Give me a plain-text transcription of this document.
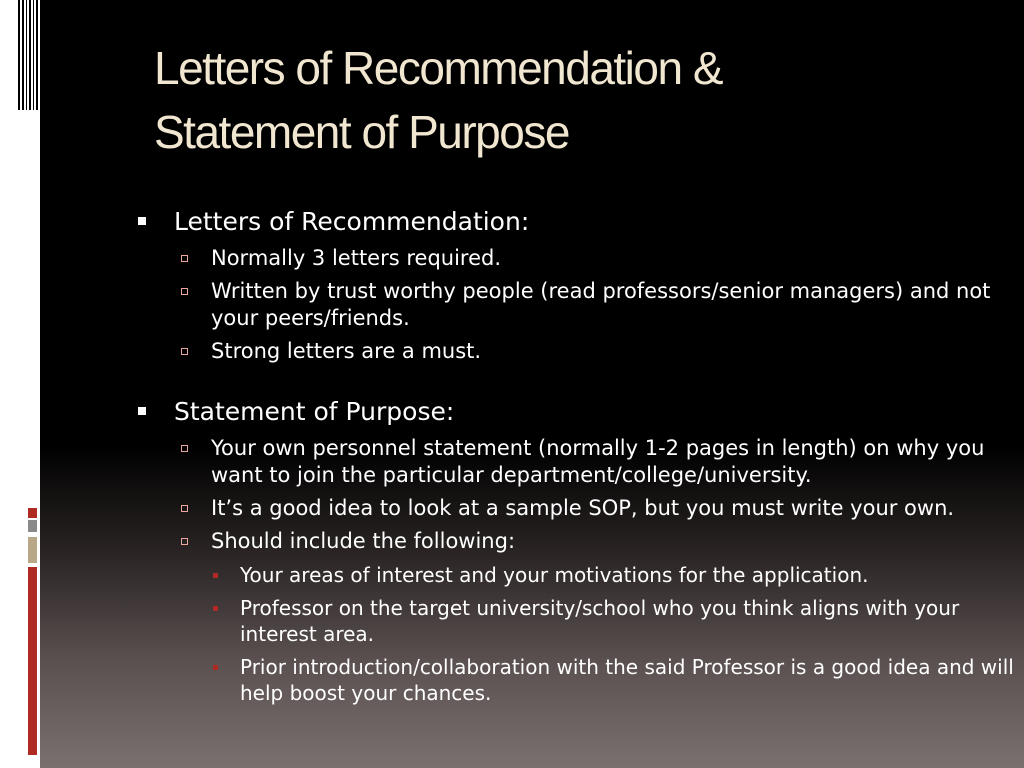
Letters of Recommendation &
Statement of Purpose
Letters of Recommendation:
Normally 3 letters required.
Written by trust worthy people (read professors/senior managers) and not your peers/friends.
Strong letters are a must.
Statement of Purpose:
Your own personnel statement (normally 1-2 pages in length) on why you want to join the particular department/college/university.
It’s a good idea to look at a sample SOP, but you must write your own.
Should include the following:
Your areas of interest and your motivations for the application.
Professor on the target university/school who you think aligns with your interest area.
Prior introduction/collaboration with the said Professor is a good idea and will help boost your chances.
